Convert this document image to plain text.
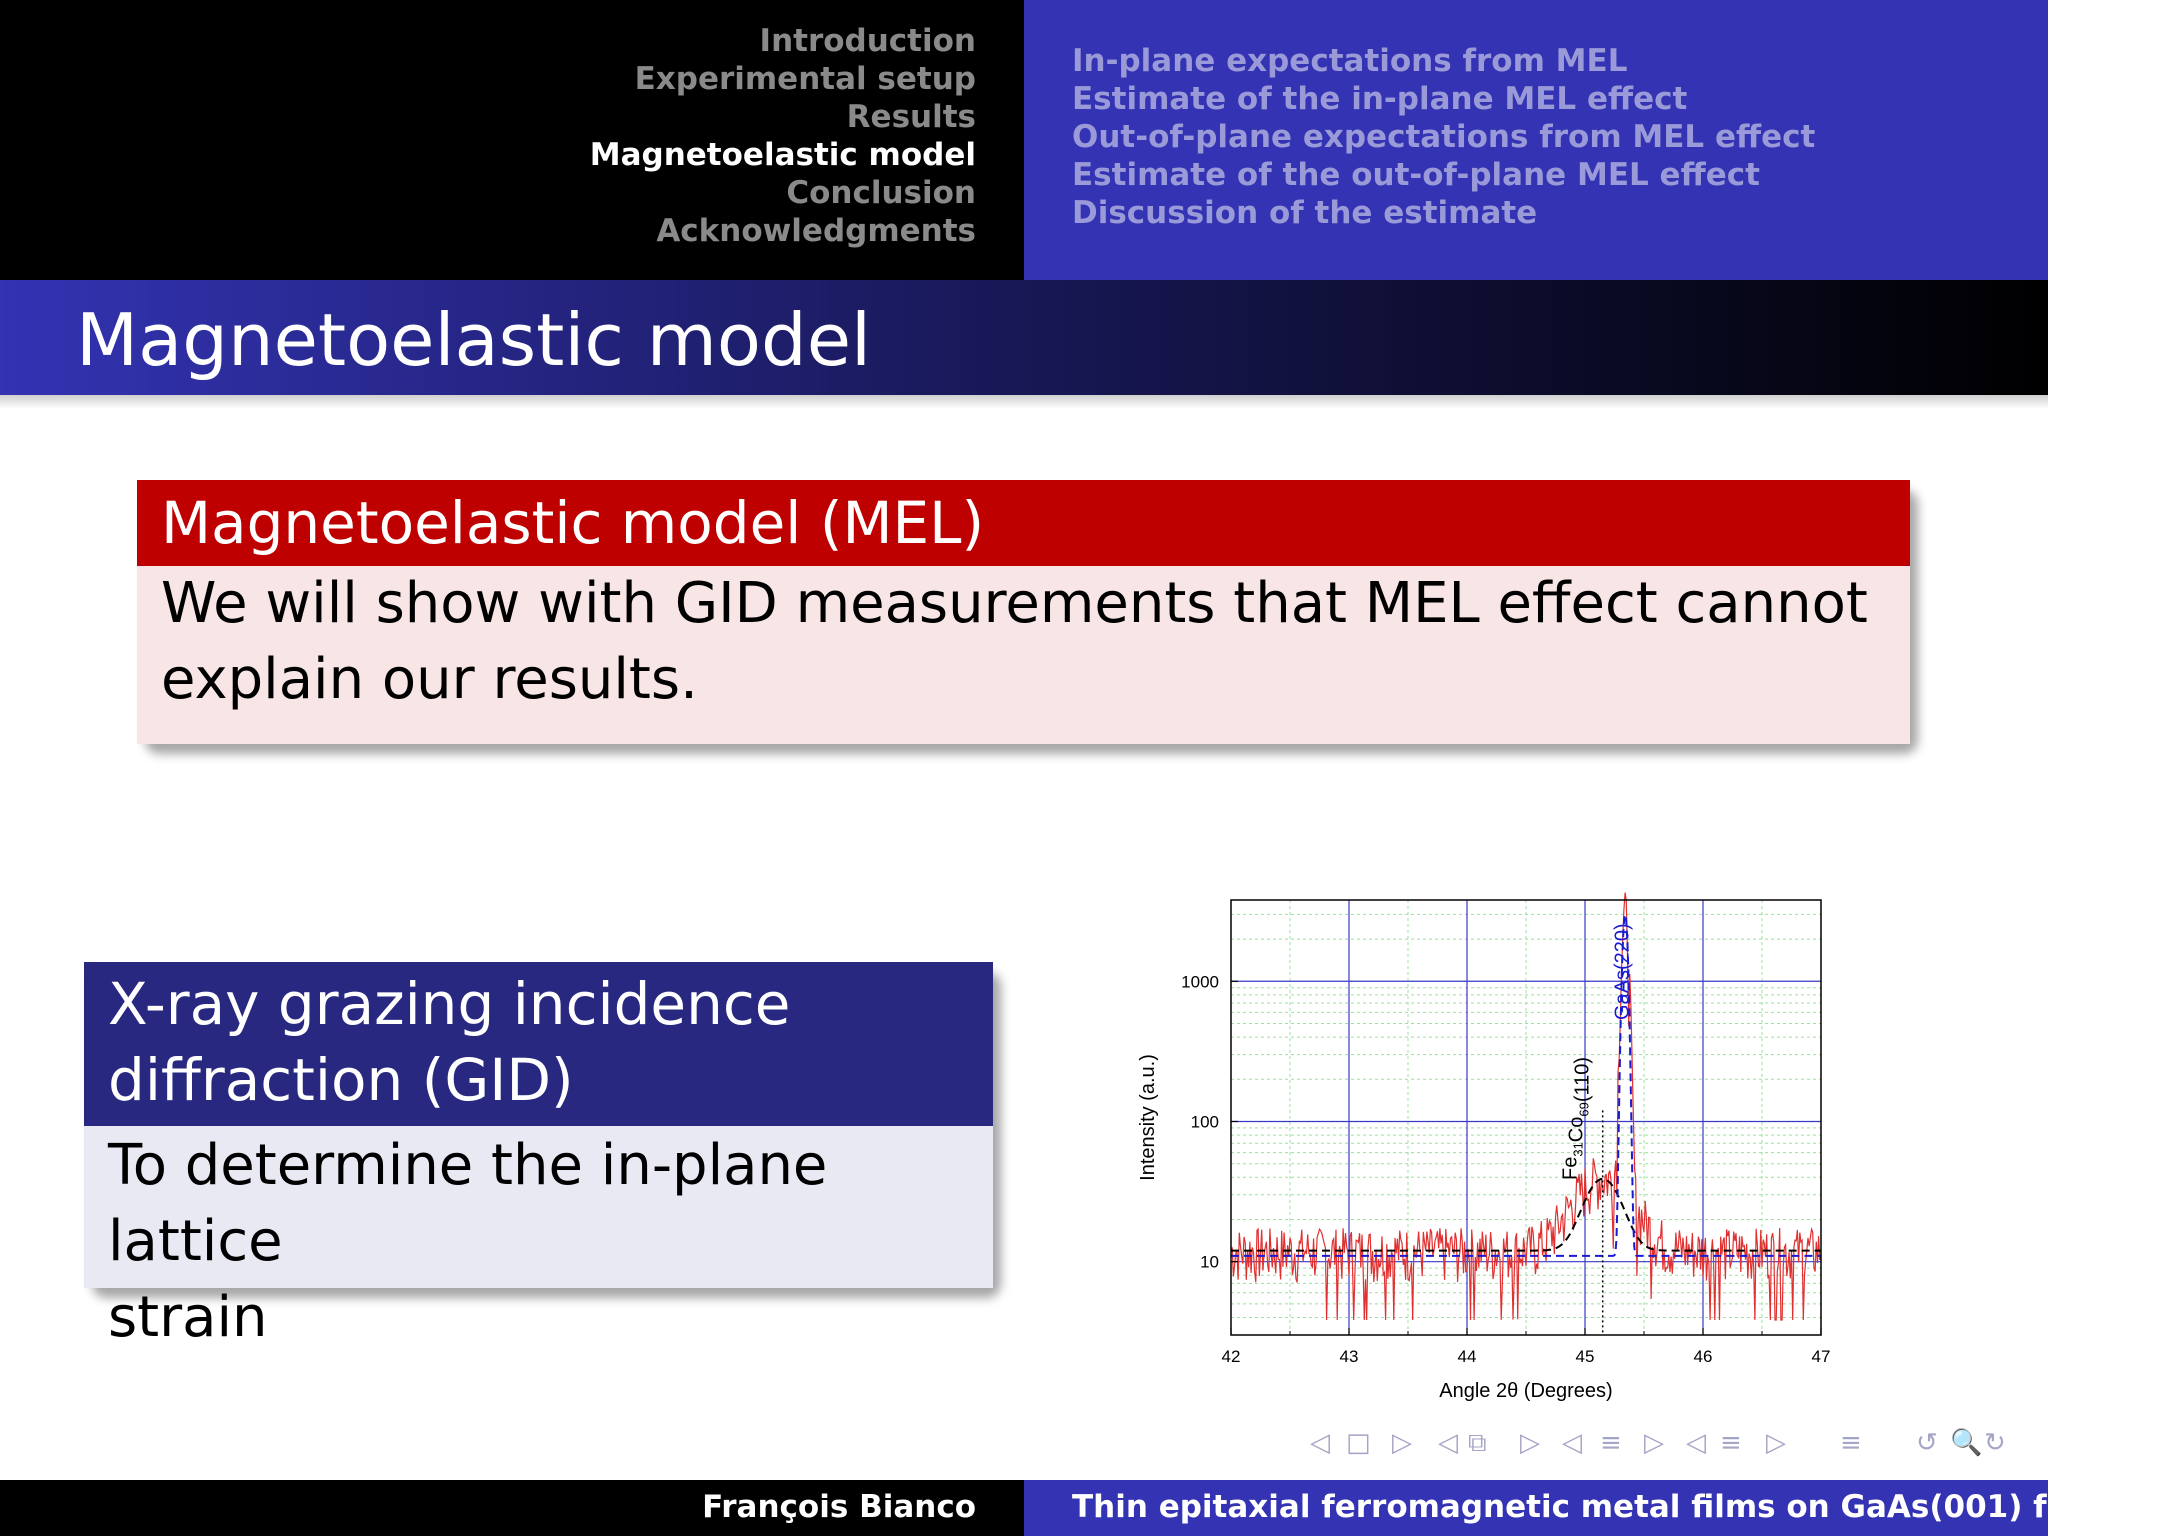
Introduction
Experimental setup
Results
Magnetoelastic model
Conclusion
Acknowledgments
In-plane expectations from MEL
Estimate of the in-plane MEL effect
Out-of-plane expectations from MEL effect
Estimate of the out-of-plane MEL effect
Discussion of the estimate
Magnetoelastic model
Magnetoelastic model (MEL)
We will show with GID measurements that MEL effect cannot
explain our results.
X-ray grazing incidence
diffraction (GID)
To determine the in-plane lattice
strain
42	43	44	45	46	47
10
100
1000
Angle 2θ (Degrees)
Intensity (a.u.)
GaAs(220)
$Fe_{31}Co_{69}(110)$
◁ □ ▷ ◁ ⧉ ▷ ◁ ≡ ▷ ◁ ≡ ▷ ≡ ↺ 🔍 ↻
François Bianco	Thin epitaxial ferromagnetic metal films on GaAs(001) for spin
